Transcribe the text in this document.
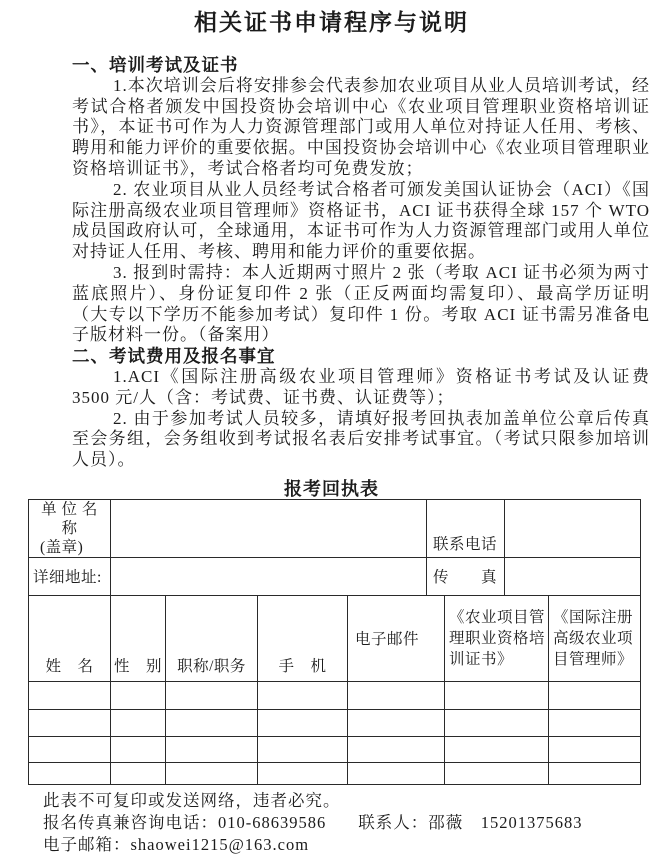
相关证书申请程序与说明
一、培训考试及证书

1.本次培训会后将安排参会代表参加农业项目从业人员培训考试，经考试合格者颁发中国投资协会培训中心《农业项目管理职业资格培训证书》，本证书可作为人力资源管理部门或用人单位对持证人任用、考核、聘用和能力评价的重要依据。中国投资协会培训中心《农业项目管理职业资格培训证书》，考试合格者均可免费发放；

2. 农业项目从业人员经考试合格者可颁发美国认证协会（ACI）《国际注册高级农业项目管理师》资格证书，ACI 证书获得全球 157 个 WTO 成员国政府认可，全球通用，本证书可作为人力资源管理部门或用人单位对持证人任用、考核、聘用和能力评价的重要依据。

3. 报到时需持：本人近期两寸照片 2 张（考取 ACI 证书必须为两寸蓝底照片）、身份证复印件 2 张（正反两面均需复印）、最高学历证明（大专以下学历不能参加考试）复印件 1 份。考取 ACI 证书需另准备电子版材料一份。（备案用）

二、考试费用及报名事宜

1.ACI《国际注册高级农业项目管理师》资格证书考试及认证费 3500 元/人（含：考试费、证书费、认证费等）；

2. 由于参加考试人员较多，请填好报考回执表加盖单位公章后传真至会务组，会务组收到考试报名表后安排考试事宜。（考试只限参加培训人员）。

报考回执表
单 位 名 称
(盖章)		联系电话	
详细地址:		传　　真	
姓　名	性　别	职称/职务	手　机	电子邮件	《农业项目管理职业资格培训证书》	《国际注册高级农业项目管理师》

此表不可复印或发送网络，违者必究。
报名传真兼咨询电话：010-68639586 联系人：邵薇　15201375683
电子邮箱：shaowei1215@163.com
